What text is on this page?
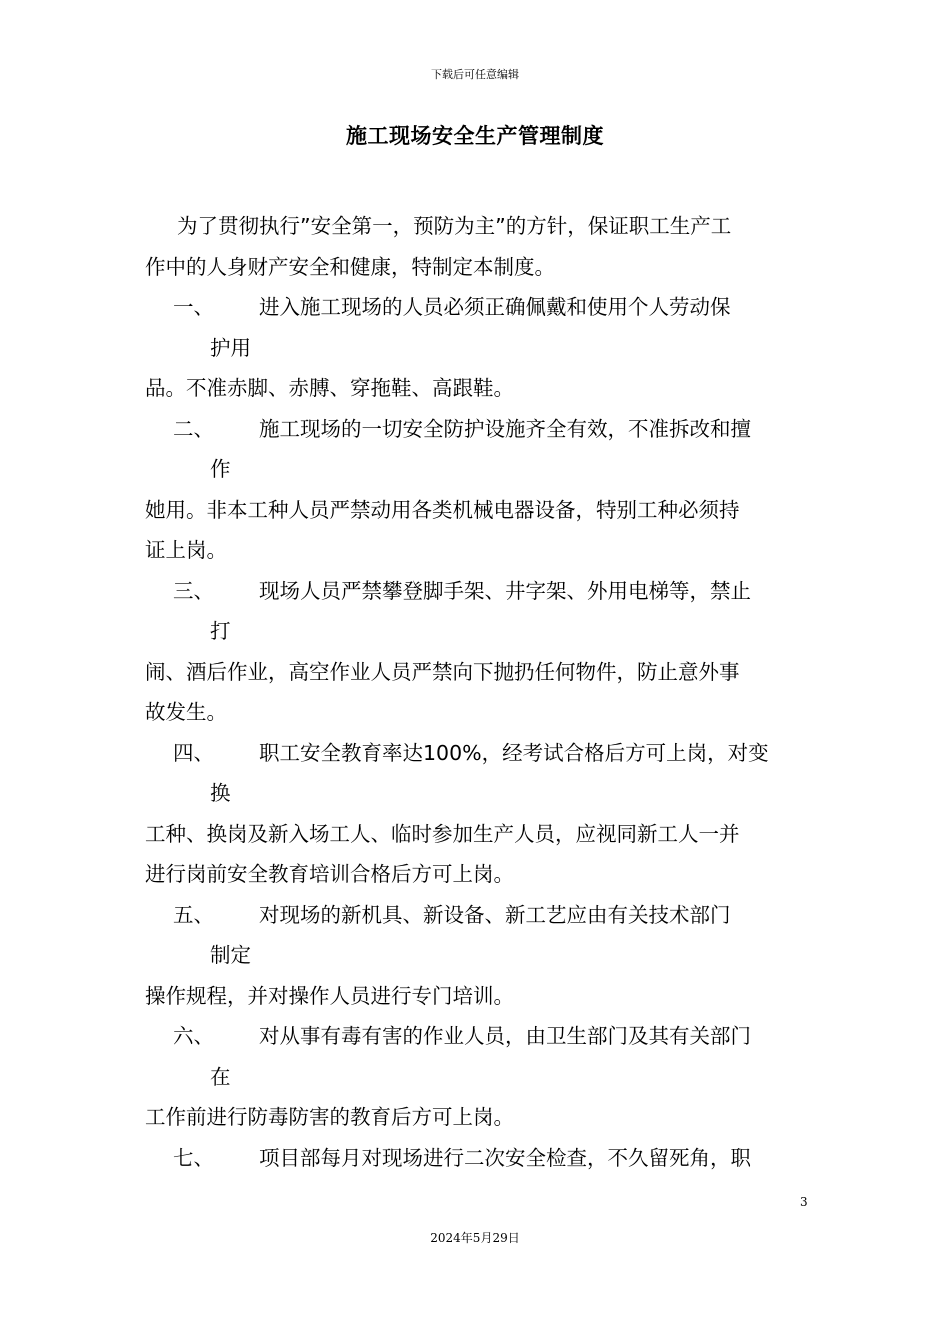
下载后可任意编辑
施工现场安全生产管理制度
为了贯彻执行”安全第一，预防为主”的方针，保证职工生产工
作中的人身财产安全和健康，特制定本制度。
一、	进入施工现场的人员必须正确佩戴和使用个人劳动保
护用
品。不准赤脚、赤膊、穿拖鞋、高跟鞋。
二、	施工现场的一切安全防护设施齐全有效，不准拆改和擅
作
她用。非本工种人员严禁动用各类机械电器设备，特别工种必须持
证上岗。
三、	现场人员严禁攀登脚手架、井字架、外用电梯等，禁止
打
闹、酒后作业，高空作业人员严禁向下抛扔任何物件，防止意外事
故发生。
四、	职工安全教育率达100%，经考试合格后方可上岗，对变
换
工种、换岗及新入场工人、临时参加生产人员，应视同新工人一并
进行岗前安全教育培训合格后方可上岗。
五、	对现场的新机具、新设备、新工艺应由有关技术部门
制定
操作规程，并对操作人员进行专门培训。
六、	对从事有毒有害的作业人员，由卫生部门及其有关部门
在
工作前进行防毒防害的教育后方可上岗。
七、	项目部每月对现场进行二次安全检查，不久留死角，职
3
2024年5月29日
